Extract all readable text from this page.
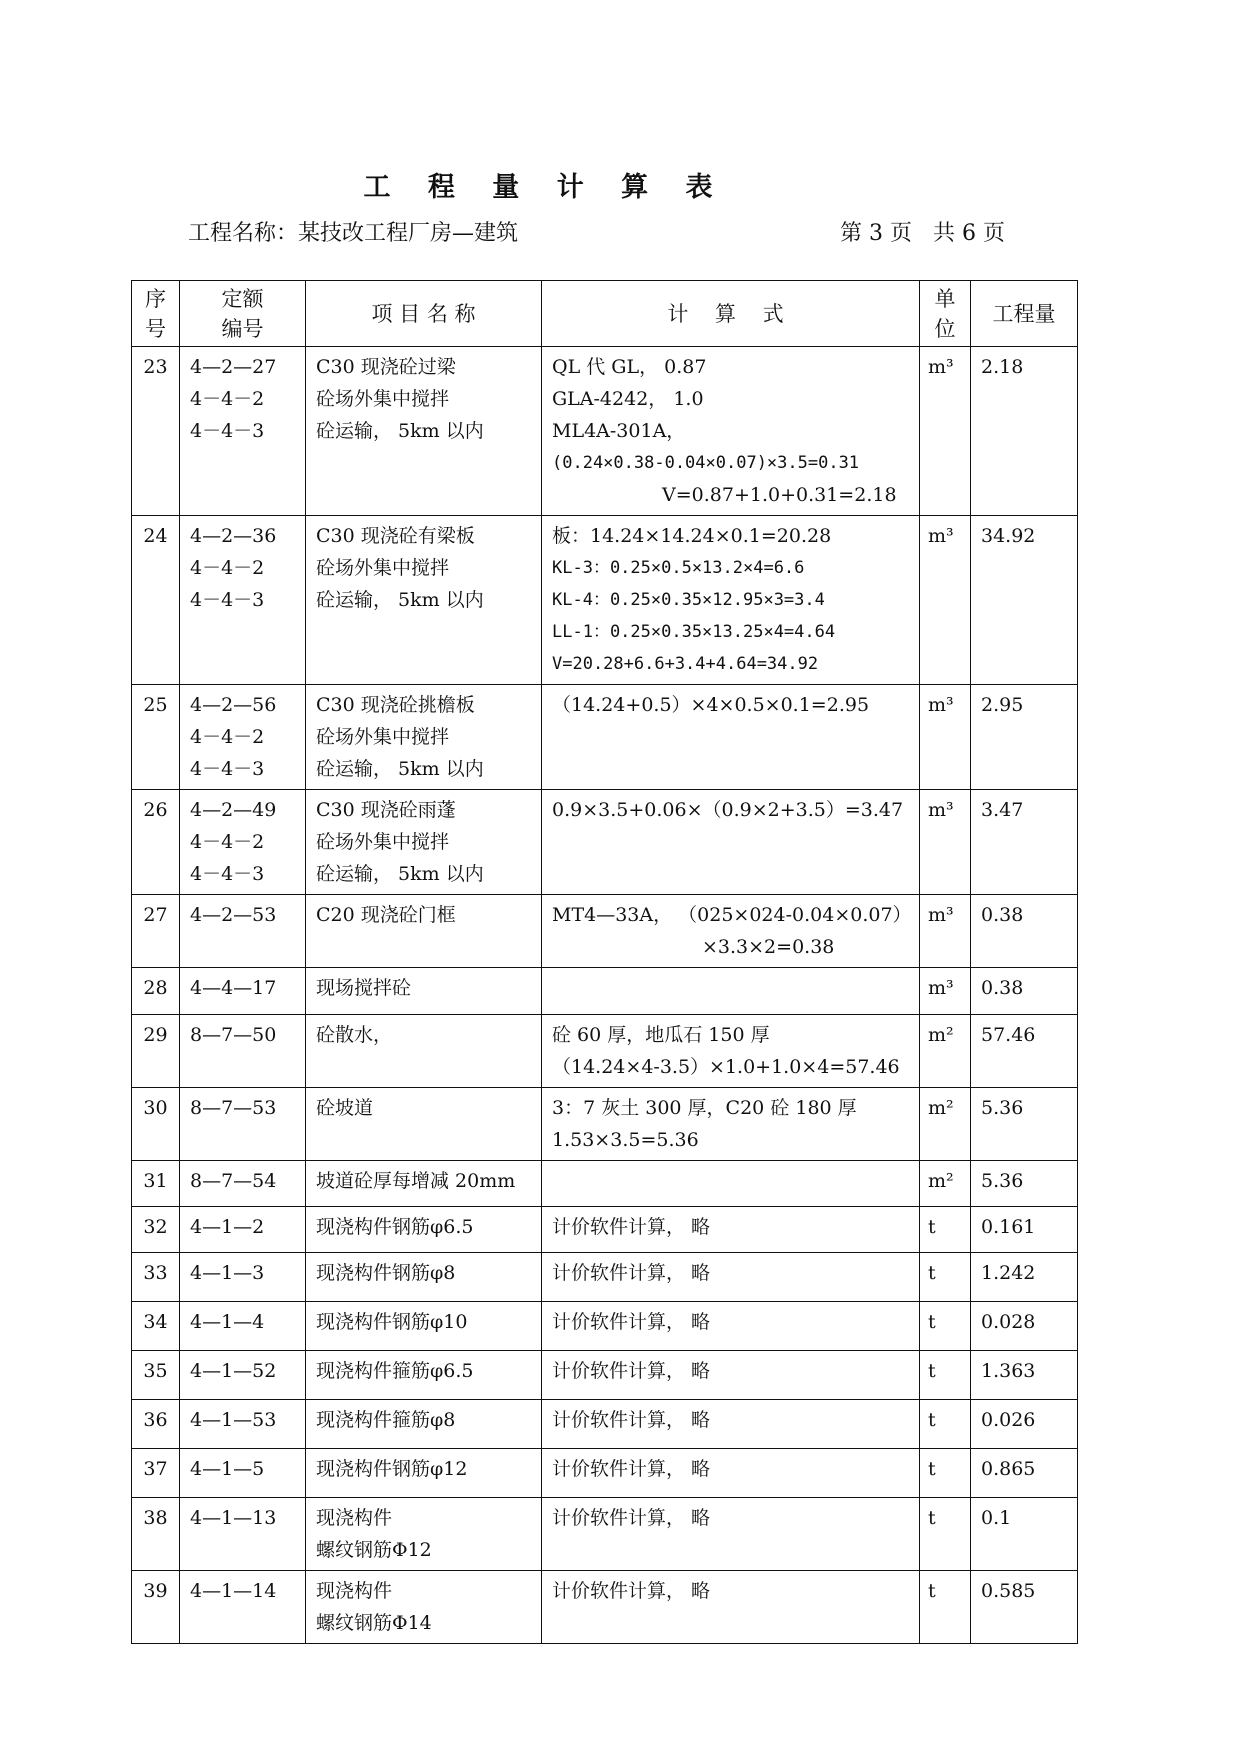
工 程 量 计 算 表
工程名称：某技改工程厂房—建筑	第 3 页   共 6 页
序
号	定额
编号	项 目 名 称	计 算 式	单
位	工程量
23	4—2—27
4－4－2
4－4－3	C30 现浇砼过梁
砼场外集中搅拌
砼运输， 5km 以内	QL 代 GL， 0.87
GLA-4242， 1.0
ML4A-301A，
(0.24×0.38-0.04×0.07)×3.5=0.31
V=0.87+1.0+0.31=2.18	m³	2.18
24	4—2—36
4－4－2
4－4－3	C30 现浇砼有梁板
砼场外集中搅拌
砼运输， 5km 以内	板：14.24×14.24×0.1=20.28
KL-3：0.25×0.5×13.2×4=6.6
KL-4：0.25×0.35×12.95×3=3.4
LL-1：0.25×0.35×13.25×4=4.64
V=20.28+6.6+3.4+4.64=34.92	m³	34.92
25	4—2—56
4－4－2
4－4－3	C30 现浇砼挑檐板
砼场外集中搅拌
砼运输， 5km 以内	（14.24+0.5）×4×0.5×0.1=2.95	m³	2.95
26	4—2—49
4－4－2
4－4－3	C30 现浇砼雨蓬
砼场外集中搅拌
砼运输， 5km 以内	0.9×3.5+0.06×（0.9×2+3.5）=3.47	m³	3.47
27	4—2—53	C20 现浇砼门框	MT4—33A， （025×024-0.04×0.07）
×3.3×2=0.38	m³	0.38
28	4—4—17	现场搅拌砼		m³	0.38
29	8—7—50	砼散水，	砼 60 厚，地瓜石 150 厚
（14.24×4-3.5）×1.0+1.0×4=57.46	m²	57.46
30	8—7—53	砼坡道	3：7 灰土 300 厚，C20 砼 180 厚
1.53×3.5=5.36	m²	5.36
31	8—7—54	坡道砼厚每增减 20mm		m²	5.36
32	4—1—2	现浇构件钢筋φ6.5	计价软件计算， 略	t	0.161
33	4—1—3	现浇构件钢筋φ8	计价软件计算， 略	t	1.242
34	4—1—4	现浇构件钢筋φ10	计价软件计算， 略	t	0.028
35	4—1—52	现浇构件箍筋φ6.5	计价软件计算， 略	t	1.363
36	4—1—53	现浇构件箍筋φ8	计价软件计算， 略	t	0.026
37	4—1—5	现浇构件钢筋φ12	计价软件计算， 略	t	0.865
38	4—1—13	现浇构件
螺纹钢筋Φ12	计价软件计算， 略	t	0.1
39	4—1—14	现浇构件
螺纹钢筋Φ14	计价软件计算， 略	t	0.585
